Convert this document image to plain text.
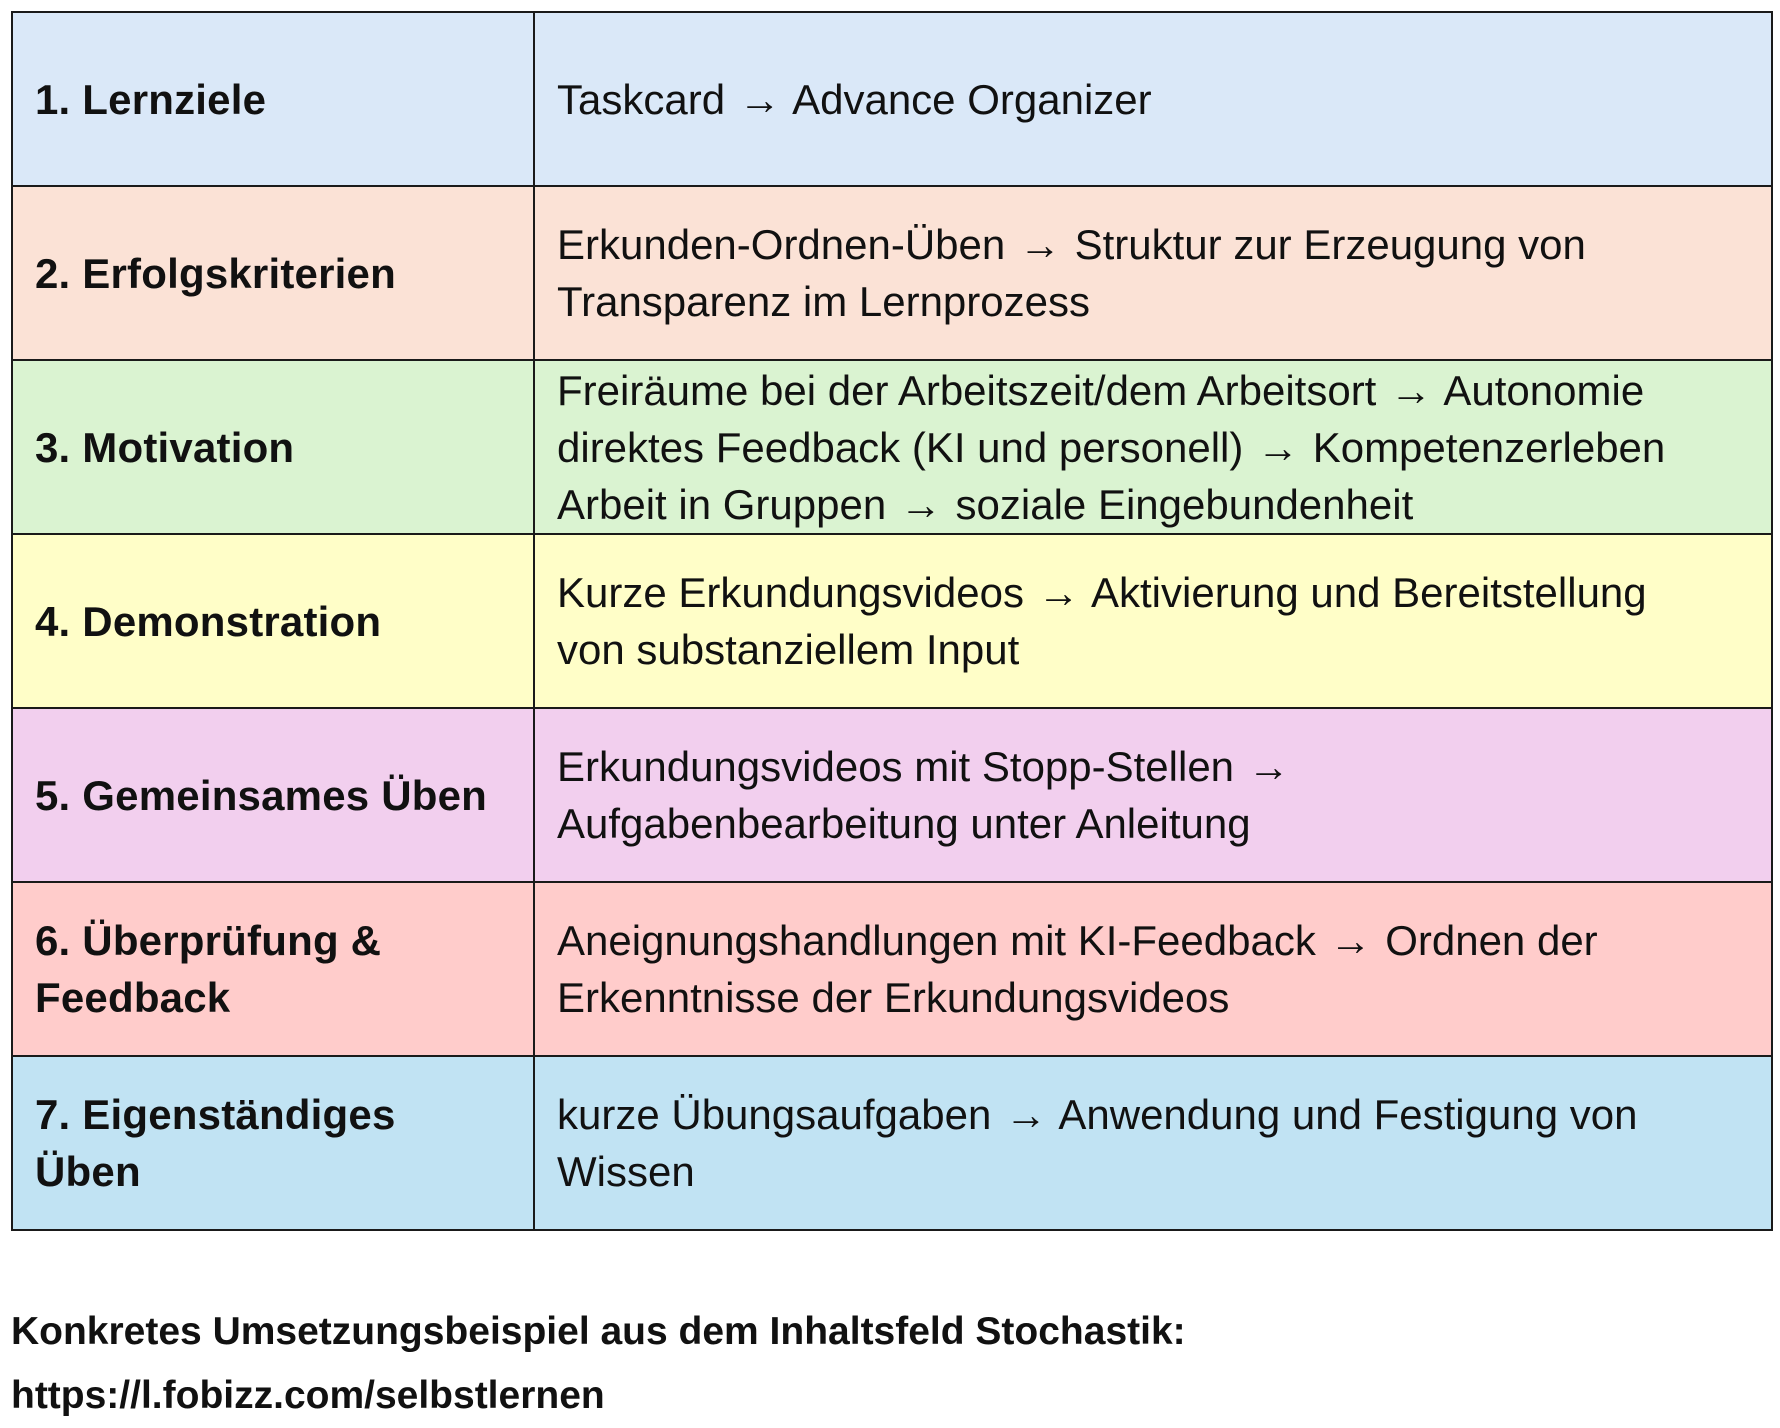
1. Lernziele	Taskcard → Advance Organizer

2. Erfolgskriterien	Erkunden-Ordnen-Üben → Struktur zur Erzeugung von
Transparenz im Lernprozess

3. Motivation	Freiräume bei der Arbeitszeit/dem Arbeitsort → Autonomie
direktes Feedback (KI und personell) → Kompetenzerleben
Arbeit in Gruppen → soziale Eingebundenheit

4. Demonstration	Kurze Erkundungsvideos → Aktivierung und Bereitstellung
von substanziellem Input

5. Gemeinsames Üben	Erkundungsvideos mit Stopp-Stellen →
Aufgabenbearbeitung unter Anleitung

6. Überprüfung &
Feedback	Aneignungshandlungen mit KI-Feedback → Ordnen der
Erkenntnisse der Erkundungsvideos

7. Eigenständiges
Üben	kurze Übungsaufgaben → Anwendung und Festigung von
Wissen
Konkretes Umsetzungsbeispiel aus dem Inhaltsfeld Stochastik:
https://l.fobizz.com/selbstlernen
